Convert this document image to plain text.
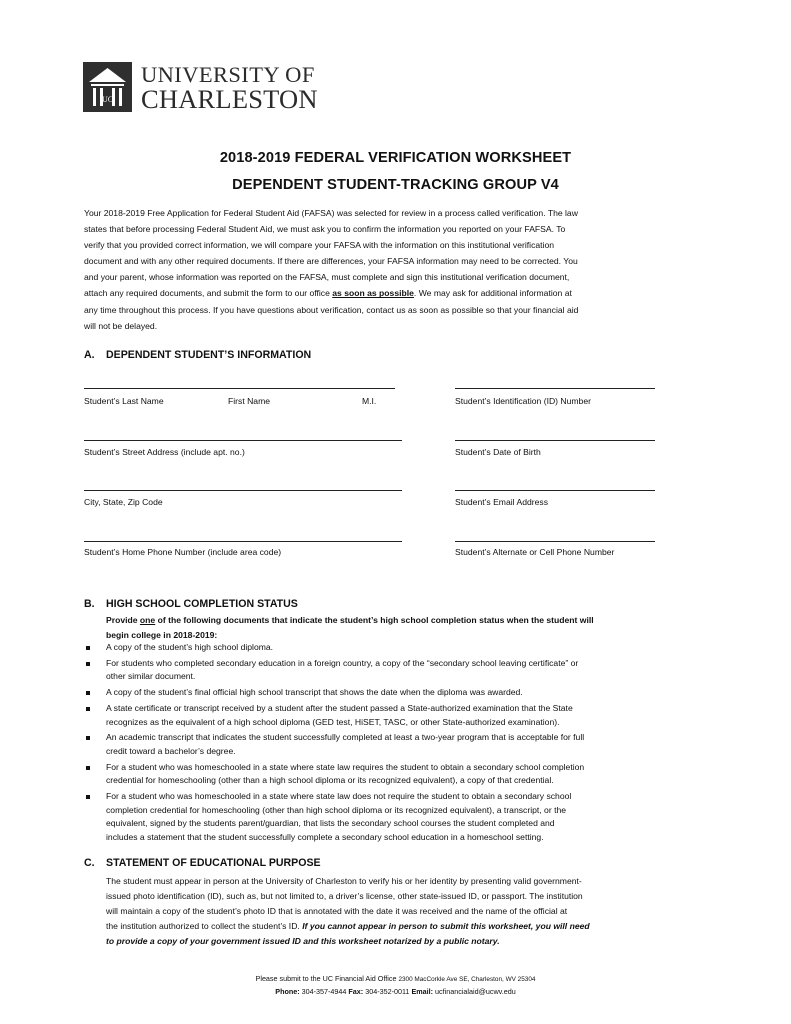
UC
UNIVERSITY OF
CHARLESTON
2018-2019 FEDERAL VERIFICATION WORKSHEET
DEPENDENT STUDENT-TRACKING GROUP V4
Your 2018-2019 Free Application for Federal Student Aid (FAFSA) was selected for review in a process called verification. The law
states that before processing Federal Student Aid, we must ask you to confirm the information you reported on your FAFSA. To
verify that you provided correct information, we will compare your FAFSA with the information on this institutional verification
document and with any other required documents. If there are differences, your FAFSA information may need to be corrected. You
and your parent, whose information was reported on the FAFSA, must complete and sign this institutional verification document,
attach any required documents, and submit the form to our office as soon as possible. We may ask for additional information at
any time throughout this process. If you have questions about verification, contact us as soon as possible so that your financial aid
will not be delayed.
A. DEPENDENT STUDENT’S INFORMATION
Student’s Last Name	First Name	M.I.	Student’s Identification (ID) Number
Student’s Street Address (include apt. no.)	Student’s Date of Birth
City, State, Zip Code	Student’s Email Address
Student’s Home Phone Number (include area code)	Student’s Alternate or Cell Phone Number
B. HIGH SCHOOL COMPLETION STATUS
Provide one of the following documents that indicate the student’s high school completion status when the student will
begin college in 2018-2019:
A copy of the student’s high school diploma.
For students who completed secondary education in a foreign country, a copy of the “secondary school leaving certificate” or
other similar document.
A copy of the student’s final official high school transcript that shows the date when the diploma was awarded.
A state certificate or transcript received by a student after the student passed a State-authorized examination that the State
recognizes as the equivalent of a high school diploma (GED test, HiSET, TASC, or other State-authorized examination).
An academic transcript that indicates the student successfully completed at least a two-year program that is acceptable for full
credit toward a bachelor’s degree.
For a student who was homeschooled in a state where state law requires the student to obtain a secondary school completion
credential for homeschooling (other than a high school diploma or its recognized equivalent), a copy of that credential.
For a student who was homeschooled in a state where state law does not require the student to obtain a secondary school
completion credential for homeschooling (other than high school diploma or its recognized equivalent), a transcript, or the
equivalent, signed by the students parent/guardian, that lists the secondary school courses the student completed and
includes a statement that the student successfully complete a secondary school education in a homeschool setting.
C. STATEMENT OF EDUCATIONAL PURPOSE
The student must appear in person at the University of Charleston to verify his or her identity by presenting valid government-
issued photo identification (ID), such as, but not limited to, a driver’s license, other state-issued ID, or passport. The institution
will maintain a copy of the student’s photo ID that is annotated with the date it was received and the name of the official at
the institution authorized to collect the student’s ID. If you cannot appear in person to submit this worksheet, you will need
to provide a copy of your government issued ID and this worksheet notarized by a public notary.
Please submit to the UC Financial Aid Office 2300 MacCorkle Ave SE, Charleston, WV 25304
Phone: 304-357-4944 Fax: 304-352-0011 Email: ucfinancialaid@ucwv.edu
